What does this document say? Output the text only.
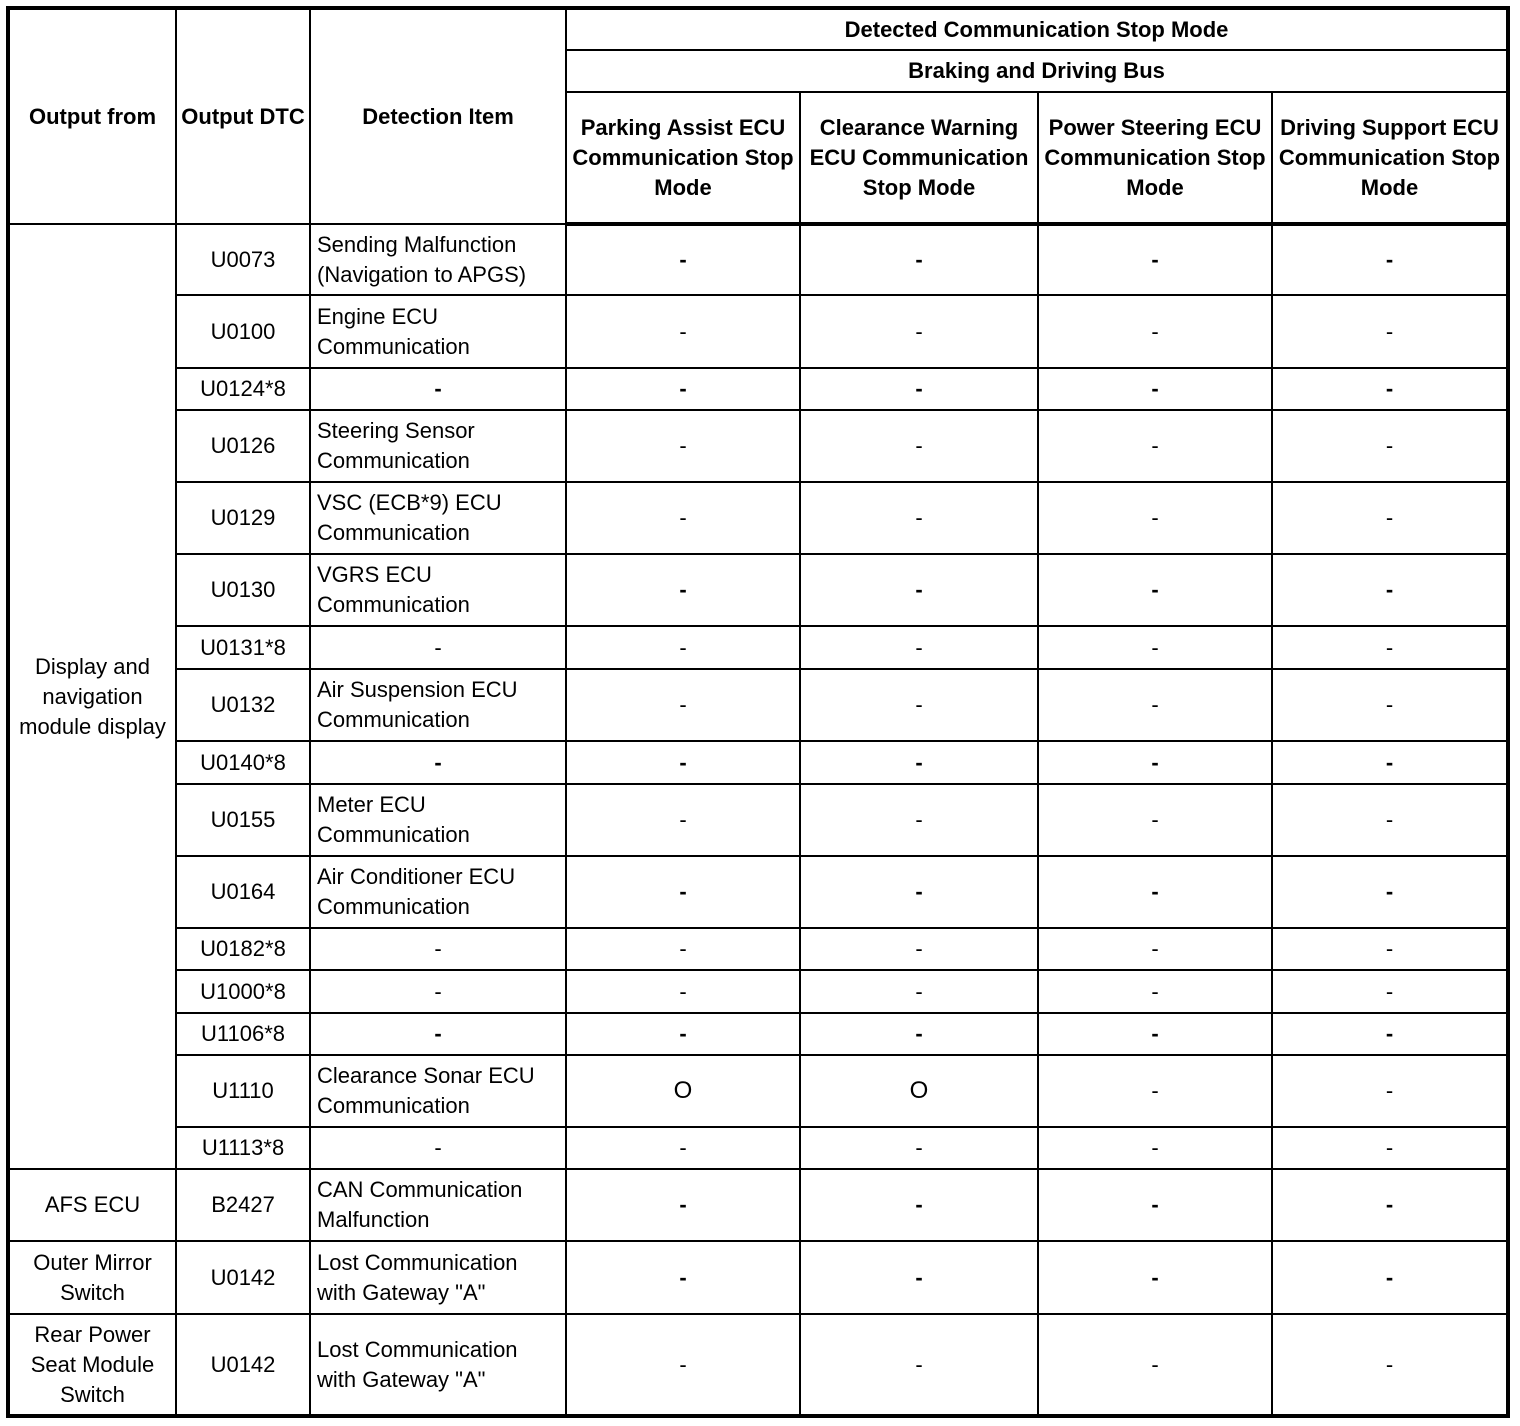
Output from	Output DTC	Detection Item	Detected Communication Stop Mode			
			Braking and Driving Bus			
			Parking Assist ECU Communication Stop Mode	Clearance Warning ECU Communication Stop Mode	Power Steering ECU Communication Stop Mode	Driving Support ECU Communication Stop Mode
Display and navigation module display	U0073	Sending Malfunction (Navigation to APGS)	-	-	-	-
	U0100	Engine ECU Communication	-	-	-	-
	U0124*8	-	-	-	-	-
	U0126	Steering Sensor Communication	-	-	-	-
	U0129	VSC (ECB*9) ECU Communication	-	-	-	-
	U0130	VGRS ECU Communication	-	-	-	-
	U0131*8	-	-	-	-	-
	U0132	Air Suspension ECU Communication	-	-	-	-
	U0140*8	-	-	-	-	-
	U0155	Meter ECU Communication	-	-	-	-
	U0164	Air Conditioner ECU Communication	-	-	-	-
	U0182*8	-	-	-	-	-
	U1000*8	-	-	-	-	-
	U1106*8	-	-	-	-	-
	U1110	Clearance Sonar ECU Communication	O	O	-	-
	U1113*8	-	-	-	-	-
AFS ECU	B2427	CAN Communication Malfunction	-	-	-	-
Outer Mirror Switch	U0142	Lost Communication with Gateway "A"	-	-	-	-
Rear Power Seat Module Switch	U0142	Lost Communication with Gateway "A"	-	-	-	-
